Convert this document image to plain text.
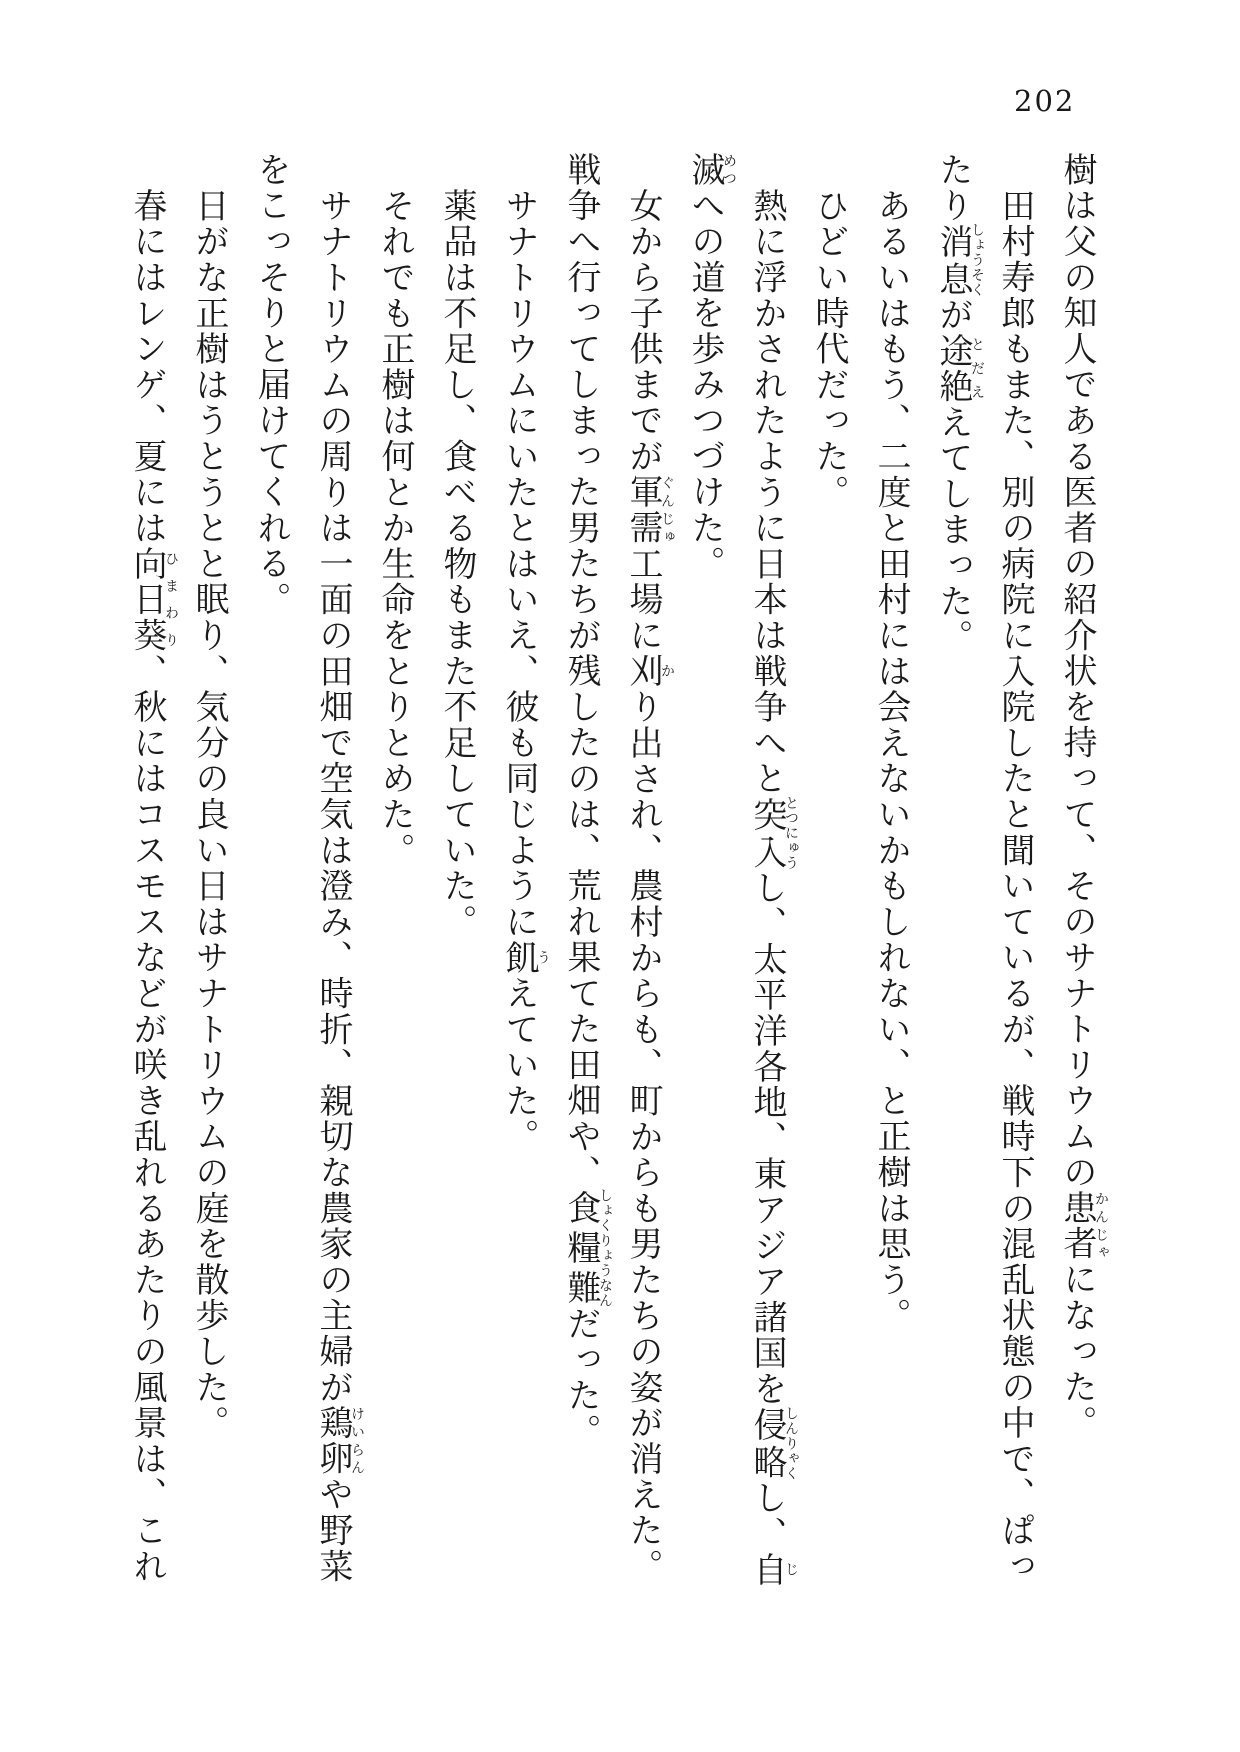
202

樹は父の知人である医者の紹介状を持って、そのサナトリウムの患者かんじゃになった。

田村寿郎もまた、別の病院に入院したと聞いているが、戦時下の混乱状態の中で、ぱっ

たり消息しょうそくが途絶とだええてしまった。

あるいはもう、二度と田村には会えないかもしれない、と正樹は思う。

ひどい時代だった。

熱に浮かされたように日本は戦争へと突入とつにゅうし、太平洋各地、東アジア諸国を侵略しんりゃくし、自じ

滅めつへの道を歩みつづけた。

女から子供までが軍需ぐんじゅ工場に刈かり出され、農村からも、町からも男たちの姿が消えた。

戦争へ行ってしまった男たちが残したのは、荒れ果てた田畑や、食糧難しょくりょうなんだった。

サナトリウムにいたとはいえ、彼も同じように飢うえていた。

薬品は不足し、食べる物もまた不足していた。

それでも正樹は何とか生命をとりとめた。

サナトリウムの周りは一面の田畑で空気は澄み、時折、親切な農家の主婦が鶏卵けいらんや野菜

をこっそりと届けてくれる。

日がな正樹はうとうとと眠り、気分の良い日はサナトリウムの庭を散歩した。

春にはレンゲ、夏には向日葵ひまわり、秋にはコスモスなどが咲き乱れるあたりの風景は、これ
